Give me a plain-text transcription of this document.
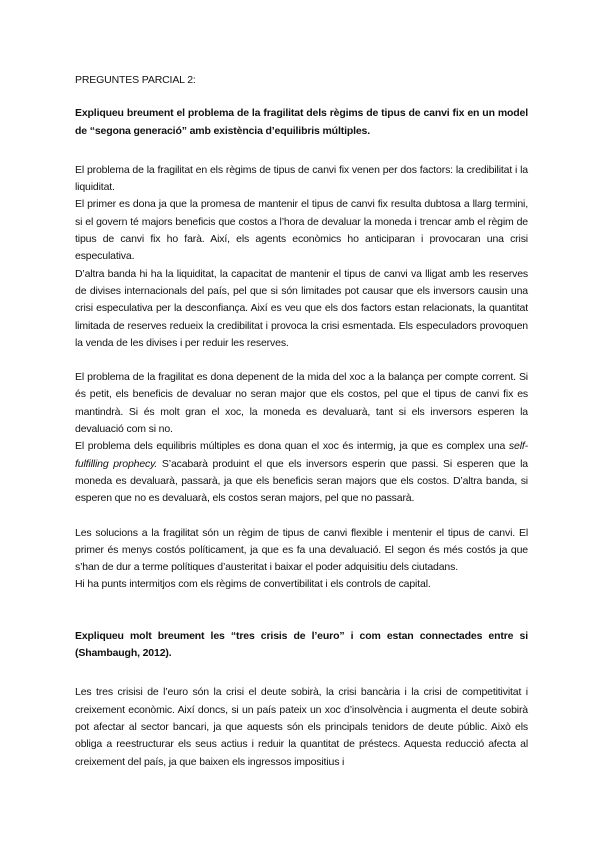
PREGUNTES PARCIAL 2:

Expliqueu breument el problema de la fragilitat dels règims de tipus de canvi fix en un model de “segona generació” amb existència d’equilibris múltiples.

El problema de la fragilitat en els règims de tipus de canvi fix venen per dos factors: la credibilitat i la liquiditat.

El primer es dona ja que la promesa de mantenir el tipus de canvi fix resulta dubtosa a llarg termini, si el govern té majors beneficis que costos a l’hora de devaluar la moneda i trencar amb el règim de tipus de canvi fix ho farà. Així, els agents econòmics ho anticiparan i provocaran una crisi especulativa.

D’altra banda hi ha la liquiditat, la capacitat de mantenir el tipus de canvi va lligat amb les reserves de divises internacionals del país, pel que si són limitades pot causar que els inversors causin una crisi especulativa per la desconfiança. Així es veu que els dos factors estan relacionats, la quantitat limitada de reserves redueix la credibilitat i provoca la crisi esmentada. Els especuladors provoquen la venda de les divises i per reduir les reserves.

El problema de la fragilitat es dona depenent de la mida del xoc a la balança per compte corrent. Si és petit, els beneficis de devaluar no seran major que els costos, pel que el tipus de canvi fix es mantindrà. Si és molt gran el xoc, la moneda es devaluarà, tant si els inversors esperen la devaluació com si no.

El problema dels equilibris múltiples es dona quan el xoc és intermig, ja que es complex una self-fulfilling prophecy. S’acabarà produint el que els inversors esperin que passi. Si esperen que la moneda es devaluarà, passarà, ja que els beneficis seran majors que els costos. D’altra banda, si esperen que no es devaluarà, els costos seran majors, pel que no passarà.

Les solucions a la fragilitat són un règim de tipus de canvi flexible i mentenir el tipus de canvi. El primer és menys costós políticament, ja que es fa una devaluació. El segon és més costós ja que s’han de dur a terme polítiques d’austeritat i baixar el poder adquisitiu dels ciutadans.

Hi ha punts intermitjos com els règims de convertibilitat i els controls de capital.

Expliqueu molt breument les “tres crisis de l’euro” i com estan connectades entre si (Shambaugh, 2012).

Les tres crisisi de l’euro són la crisi el deute sobirà, la crisi bancària i la crisi de competitivitat i creixement econòmic. Així doncs, si un país pateix un xoc d’insolvència i augmenta el deute sobirà pot afectar al sector bancari, ja que aquests són els principals tenidors de deute públic. Això els obliga a reestructurar els seus actius i reduir la quantitat de préstecs. Aquesta reducció afecta al creixement del país, ja que baixen els ingressos impositius i
